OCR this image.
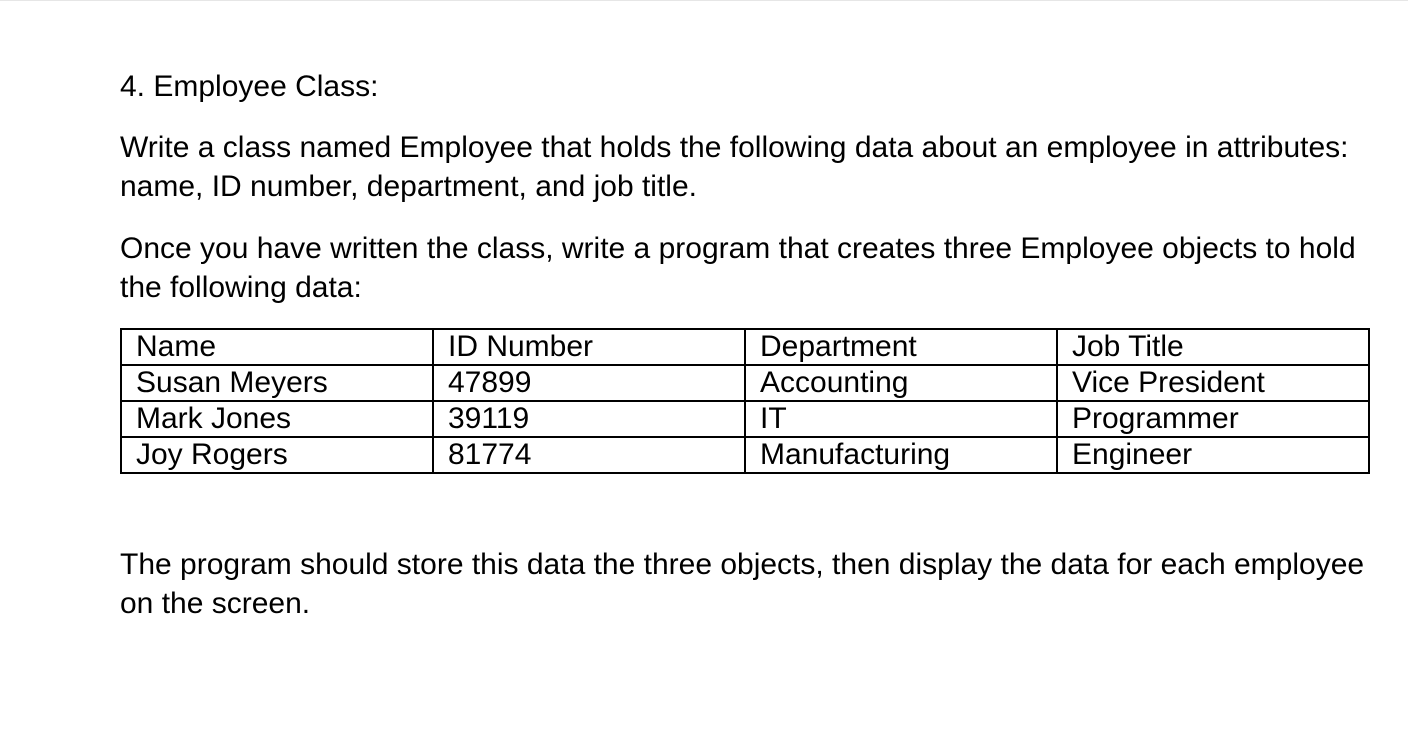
4. Employee Class:
Write a class named Employee that holds the following data about an employee in attributes: name, ID number, department, and job title.
Once you have written the class, write a program that creates three Employee objects to hold the following data:
Name	ID Number	Department	Job Title
Susan Meyers	47899	Accounting	Vice President
Mark Jones	39119	IT	Programmer
Joy Rogers	81774	Manufacturing	Engineer
The program should store this data the three objects, then display the data for each employee on the screen.
